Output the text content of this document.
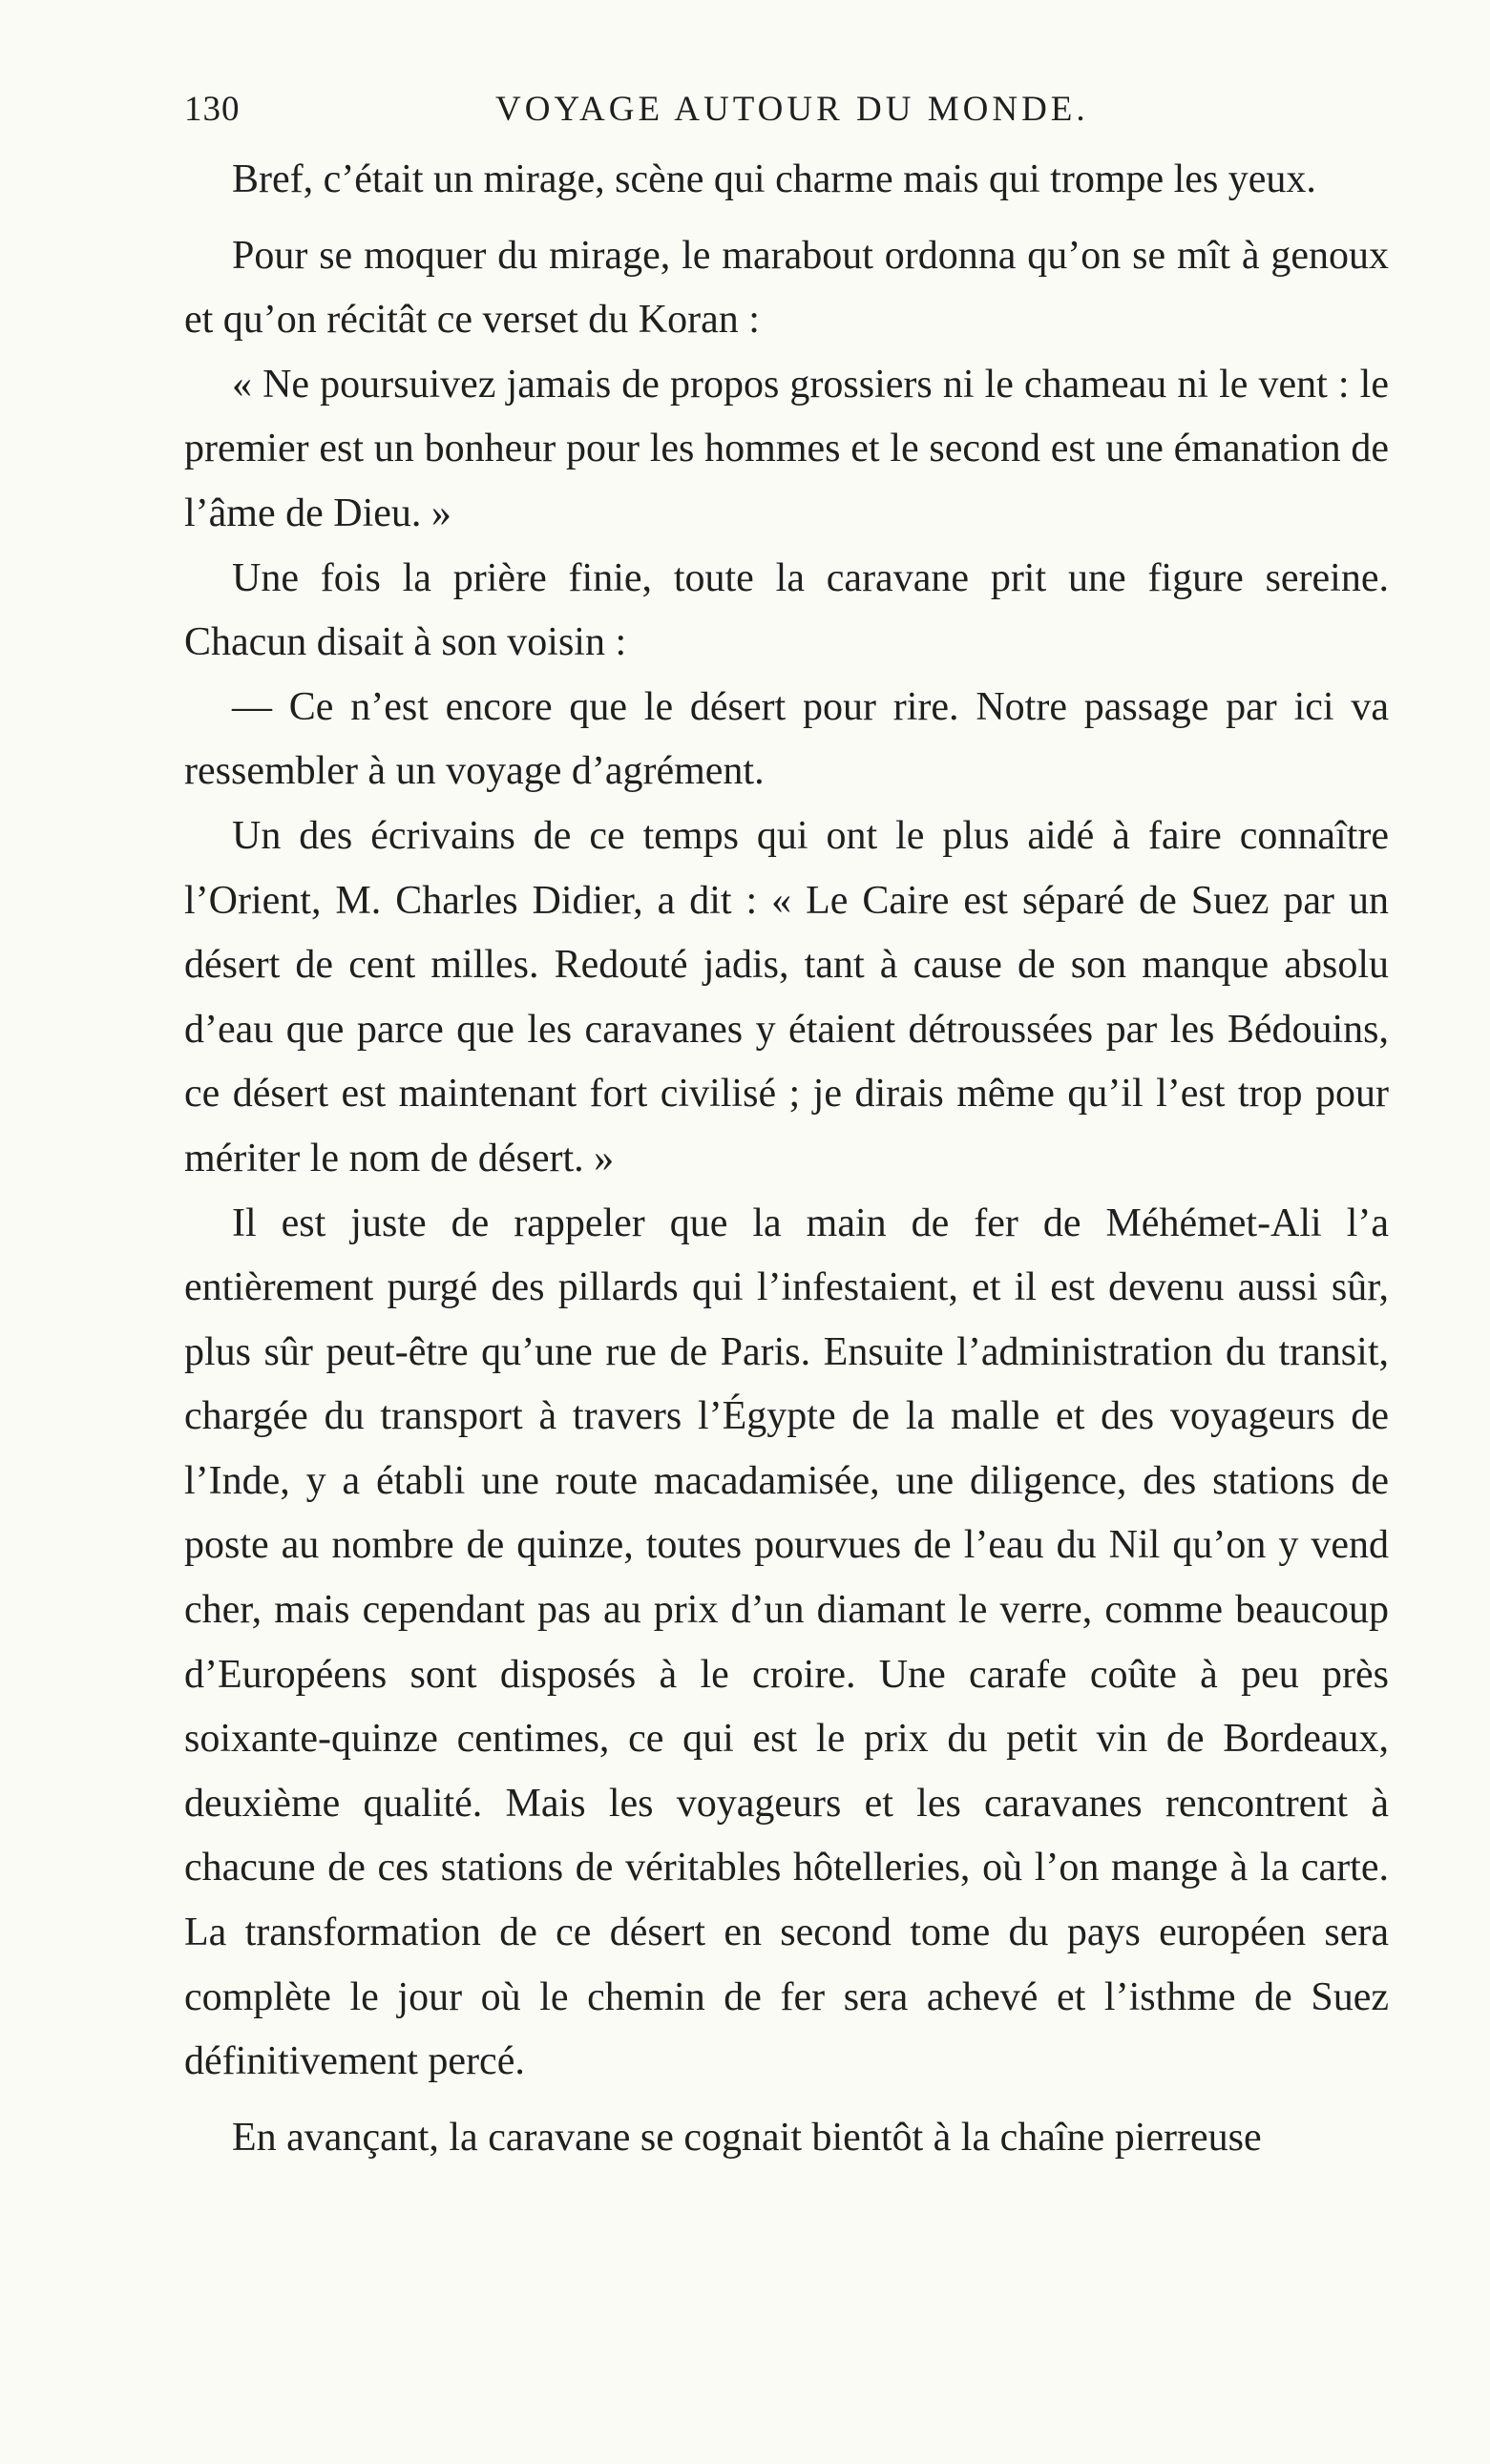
130	VOYAGE AUTOUR DU MONDE.

Bref, c’était un mirage, scène qui charme mais qui trompe les yeux.

Pour se moquer du mirage, le marabout ordonna qu’on se mît à genoux et qu’on récitât ce verset du Koran :

« Ne poursuivez jamais de propos grossiers ni le chameau ni le vent : le premier est un bonheur pour les hommes et le second est une émanation de l’âme de Dieu. »

Une fois la prière finie, toute la caravane prit une figure sereine. Chacun disait à son voisin :

— Ce n’est encore que le désert pour rire. Notre passage par ici va ressembler à un voyage d’agrément.

Un des écrivains de ce temps qui ont le plus aidé à faire connaître l’Orient, M. Charles Didier, a dit : « Le Caire est séparé de Suez par un désert de cent milles. Redouté jadis, tant à cause de son manque absolu d’eau que parce que les caravanes y étaient détroussées par les Bédouins, ce désert est maintenant fort civilisé ; je dirais même qu’il l’est trop pour mériter le nom de désert. »

Il est juste de rappeler que la main de fer de Méhémet-Ali l’a entièrement purgé des pillards qui l’infestaient, et il est devenu aussi sûr, plus sûr peut-être qu’une rue de Paris. Ensuite l’administration du transit, chargée du transport à travers l’Égypte de la malle et des voyageurs de l’Inde, y a établi une route macadamisée, une diligence, des stations de poste au nombre de quinze, toutes pourvues de l’eau du Nil qu’on y vend cher, mais cependant pas au prix d’un diamant le verre, comme beaucoup d’Européens sont disposés à le croire. Une carafe coûte à peu près soixante-quinze centimes, ce qui est le prix du petit vin de Bordeaux, deuxième qualité. Mais les voyageurs et les caravanes rencontrent à chacune de ces stations de véritables hôtelleries, où l’on mange à la carte. La transformation de ce désert en second tome du pays européen sera complète le jour où le chemin de fer sera achevé et l’isthme de Suez définitivement percé.

En avançant, la caravane se cognait bientôt à la chaîne pierreuse
